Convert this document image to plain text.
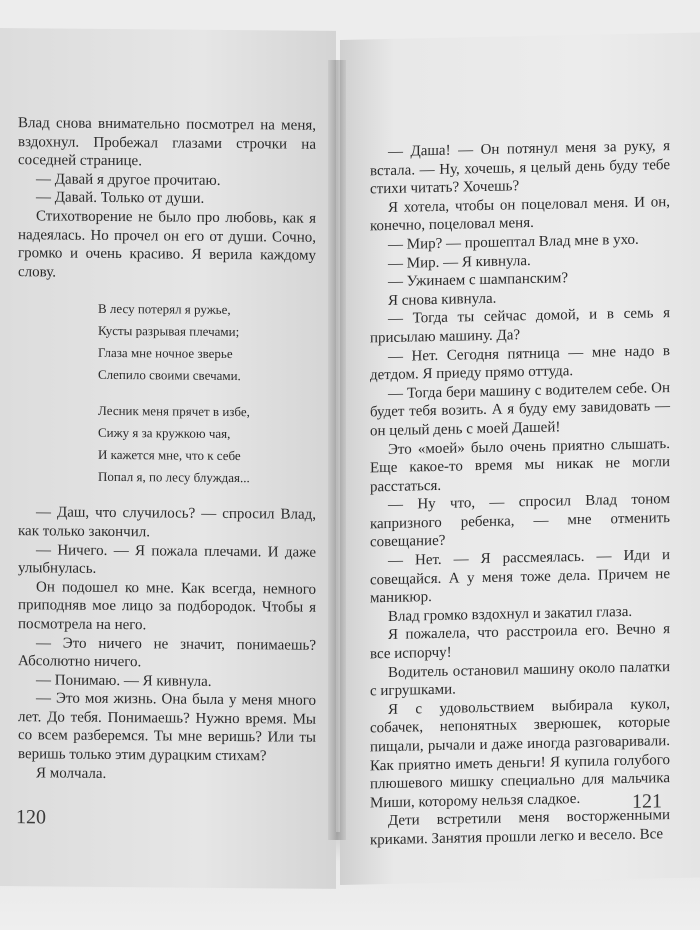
Влад снова внимательно посмотрел на меня, вздохнул. Пробежал глазами строчки на соседней странице.

— Давай я другое прочитаю.

— Давай. Только от души.

Стихотворение не было про любовь, как я надеялась. Но прочел он его от души. Сочно, громко и очень красиво. Я верила каждому слову.

В лесу потерял я ружье,
Кусты разрывая плечами;
Глаза мне ночное зверье
Слепило своими свечами.
Лесник меня прячет в избе,
Сижу я за кружкою чая,
И кажется мне, что к себе
Попал я, по лесу блуждая...

— Даш, что случилось? — спросил Влад, как только закончил.

— Ничего. — Я пожала плечами. И даже улыбнулась.

Он подошел ко мне. Как всегда, немного приподняв мое лицо за подбородок. Чтобы я посмотрела на него.

— Это ничего не значит, понимаешь? Абсолютно ничего.

— Понимаю. — Я кивнула.

— Это моя жизнь. Она была у меня много лет. До тебя. Понимаешь? Нужно время. Мы со всем разберемся. Ты мне веришь? Или ты веришь только этим дурацким стихам?

Я молчала.

120

— Даша! — Он потянул меня за руку, я встала. — Ну, хочешь, я целый день буду тебе стихи читать? Хочешь?

Я хотела, чтобы он поцеловал меня. И он, конечно, поцеловал меня.

— Мир? — прошептал Влад мне в ухо.

— Мир. — Я кивнула.

— Ужинаем с шампанским?

Я снова кивнула.

— Тогда ты сейчас домой, и в семь я присылаю машину. Да?

— Нет. Сегодня пятница — мне надо в детдом. Я приеду прямо оттуда.

— Тогда бери машину с водителем себе. Он будет тебя возить. А я буду ему завидовать — он целый день с моей Дашей!

Это «моей» было очень приятно слышать. Еще какое-то время мы никак не могли расстаться.

— Ну что, — спросил Влад тоном капризного ребенка, — мне отменить совещание?

— Нет. — Я рассмеялась. — Иди и совещайся. А у меня тоже дела. Причем не маникюр.

Влад громко вздохнул и закатил глаза.

Я пожалела, что расстроила его. Вечно я все испорчу!

Водитель остановил машину около палатки с игрушками.

Я с удовольствием выбирала кукол, собачек, непонятных зверюшек, которые пищали, рычали и даже иногда разговаривали. Как приятно иметь деньги! Я купила голубого плюшевого мишку специально для мальчика Миши, которому нельзя сладкое.

Дети встретили меня восторженными криками. Занятия прошли легко и весело. Все

121
